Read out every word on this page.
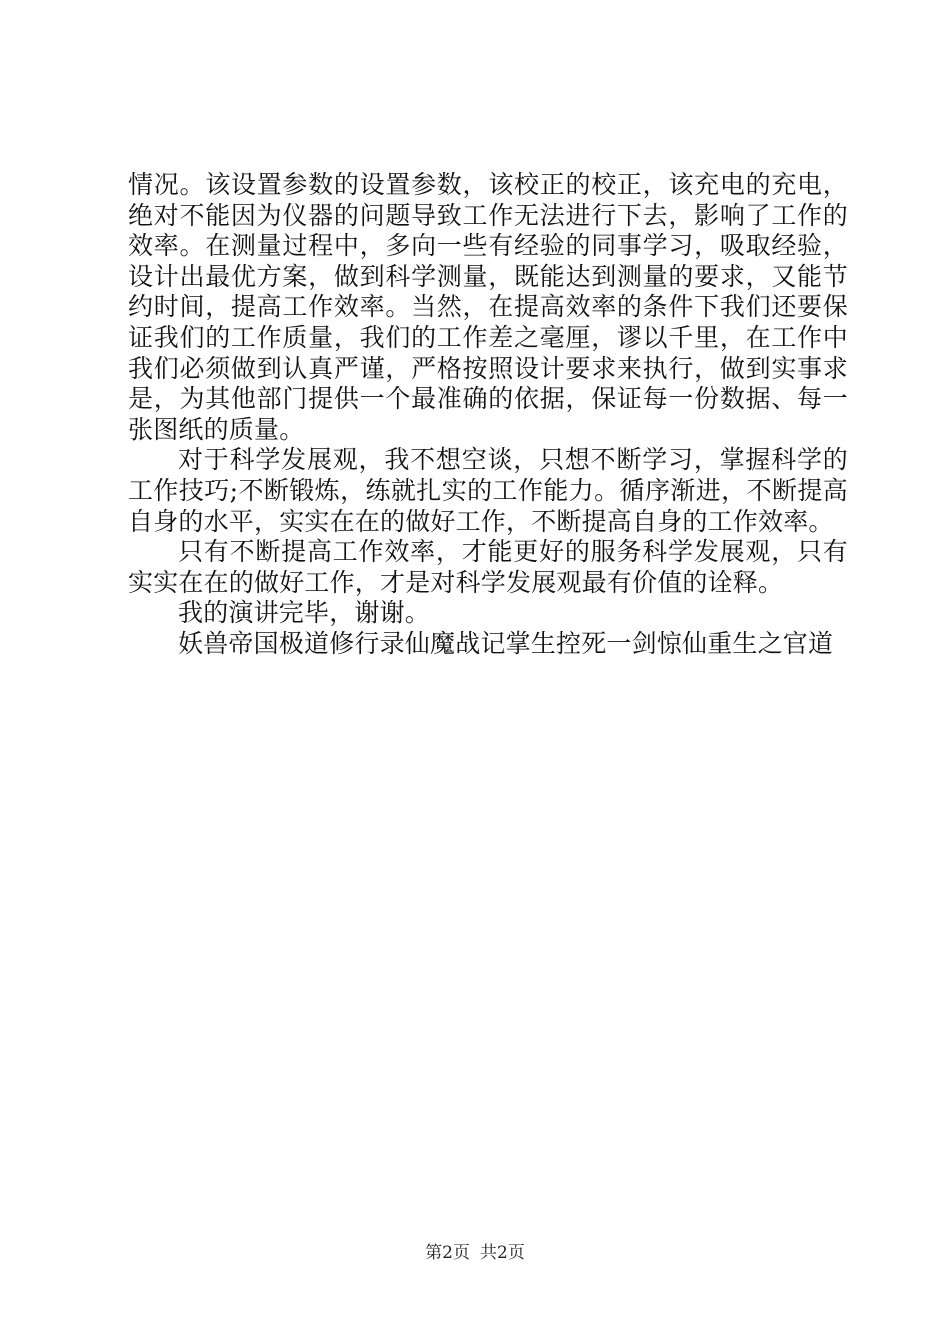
情况。该设置参数的设置参数，该校正的校正，该充电的充电，绝对不能因为仪器的问题导致工作无法进行下去，影响了工作的效率。在测量过程中，多向一些有经验的同事学习，吸取经验，设计出最优方案，做到科学测量，既能达到测量的要求，又能节约时间，提高工作效率。当然，在提高效率的条件下我们还要保证我们的工作质量，我们的工作差之毫厘，谬以千里，在工作中我们必须做到认真严谨，严格按照设计要求来执行，做到实事求是，为其他部门提供一个最准确的依据，保证每一份数据、每一张图纸的质量。

对于科学发展观，我不想空谈，只想不断学习，掌握科学的工作技巧;不断锻炼，练就扎实的工作能力。循序渐进，不断提高自身的水平，实实在在的做好工作，不断提高自身的工作效率。

只有不断提高工作效率，才能更好的服务科学发展观，只有实实在在的做好工作，才是对科学发展观最有价值的诠释。

我的演讲完毕，谢谢。

妖兽帝国极道修行录仙魔战记掌生控死一剑惊仙重生之官道

第2页 共2页
